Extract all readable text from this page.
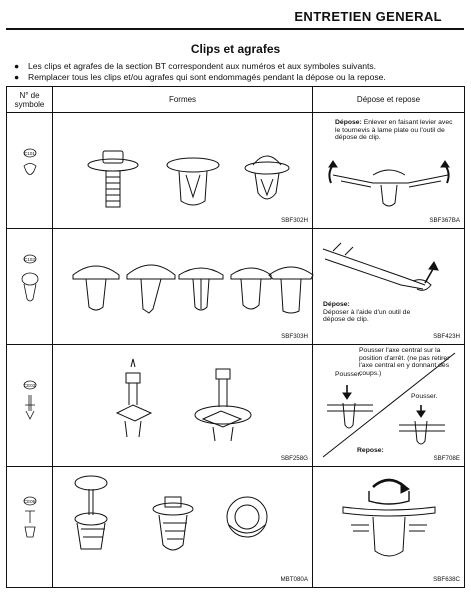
ENTRETIEN GENERAL
Clips et agrafes
●	Les clips et agrafes de la section BT correspondent aux numéros et aux symboles suivants.
●	Remplacer tous les clips et/ou agrafes qui sont endommagés pendant la dépose ou la repose.
N° de symbole	Formes	Dépose et repose

C101	SBF302H	Dépose: Enlever en faisant levier avec le tournevis à lame plate ou l'outil de dépose de clip.
SBF367BA

C103	SBF303H	Dépose:
Déposer à l'aide d'un outil de dépose de clip.
SBF423H

CE03	SBF258G	Pousser l'axe central sur la position d'arrêt. (ne pas retirer l'axe central en y donnant des coups.)
Pousser.
Pousser.
Repose:
SBF708E

CE06	MBT080A	SBF638C
